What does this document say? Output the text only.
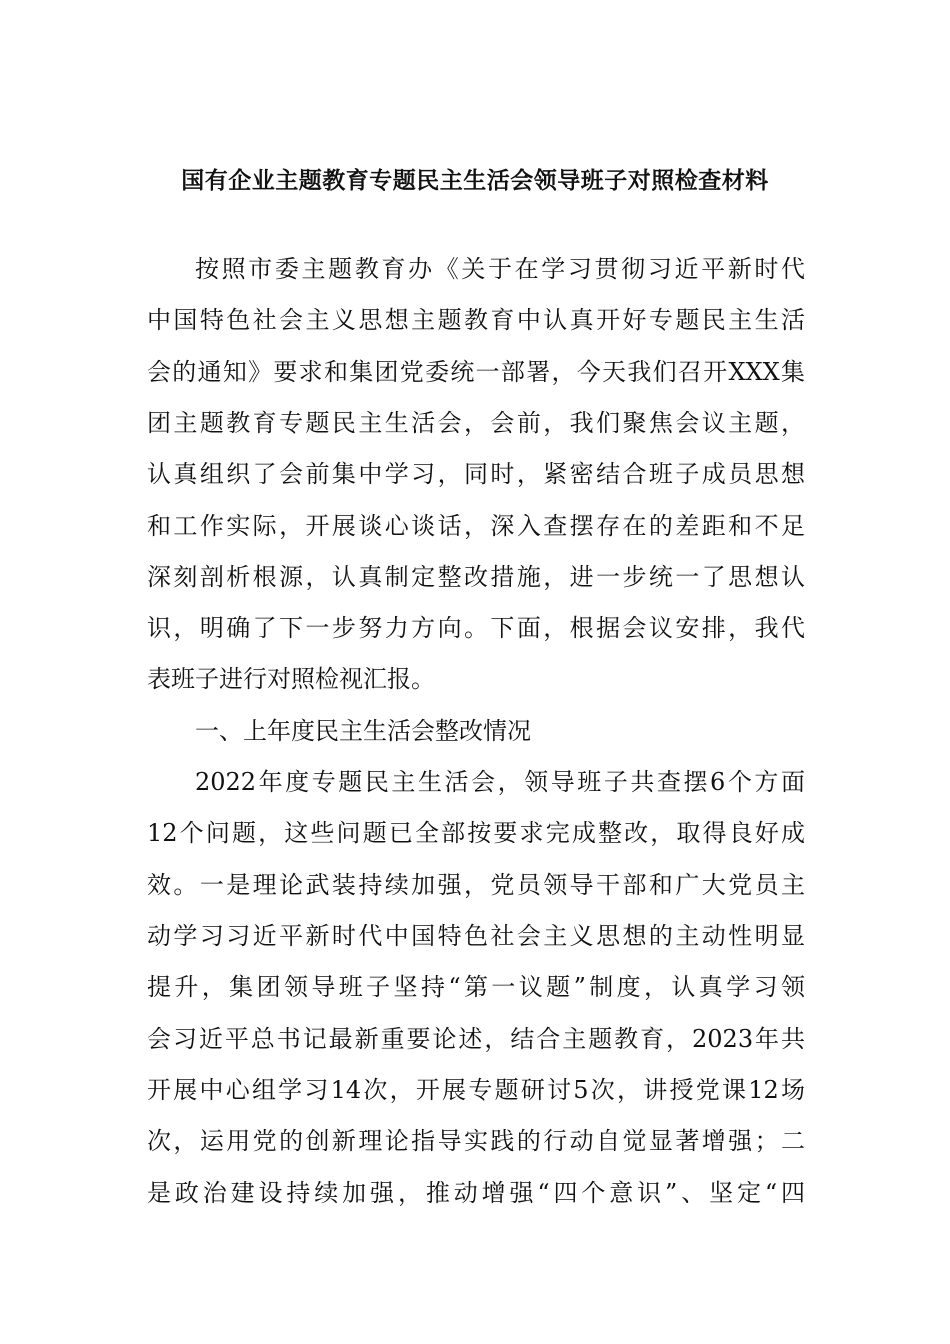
国有企业主题教育专题民主生活会领导班子对照检查材料
按照市委主题教育办《关于在学习贯彻习近平新时代
中国特色社会主义思想主题教育中认真开好专题民主生活
会的通知》要求和集团党委统一部署，今天我们召开XXX集
团主题教育专题民主生活会，会前，我们聚焦会议主题，
认真组织了会前集中学习，同时，紧密结合班子成员思想
和工作实际，开展谈心谈话，深入查摆存在的差距和不足
深刻剖析根源，认真制定整改措施，进一步统一了思想认
识，明确了下一步努力方向。下面，根据会议安排，我代
表班子进行对照检视汇报。
一、上年度民主生活会整改情况
2022年度专题民主生活会，领导班子共查摆6个方面
12个问题，这些问题已全部按要求完成整改，取得良好成
效。一是理论武装持续加强，党员领导干部和广大党员主
动学习习近平新时代中国特色社会主义思想的主动性明显
提升，集团领导班子坚持“第一议题”制度，认真学习领
会习近平总书记最新重要论述，结合主题教育，2023年共
开展中心组学习14次，开展专题研讨5次，讲授党课12场
次，运用党的创新理论指导实践的行动自觉显著增强；二
是政治建设持续加强，推动增强“四个意识”、坚定“四
